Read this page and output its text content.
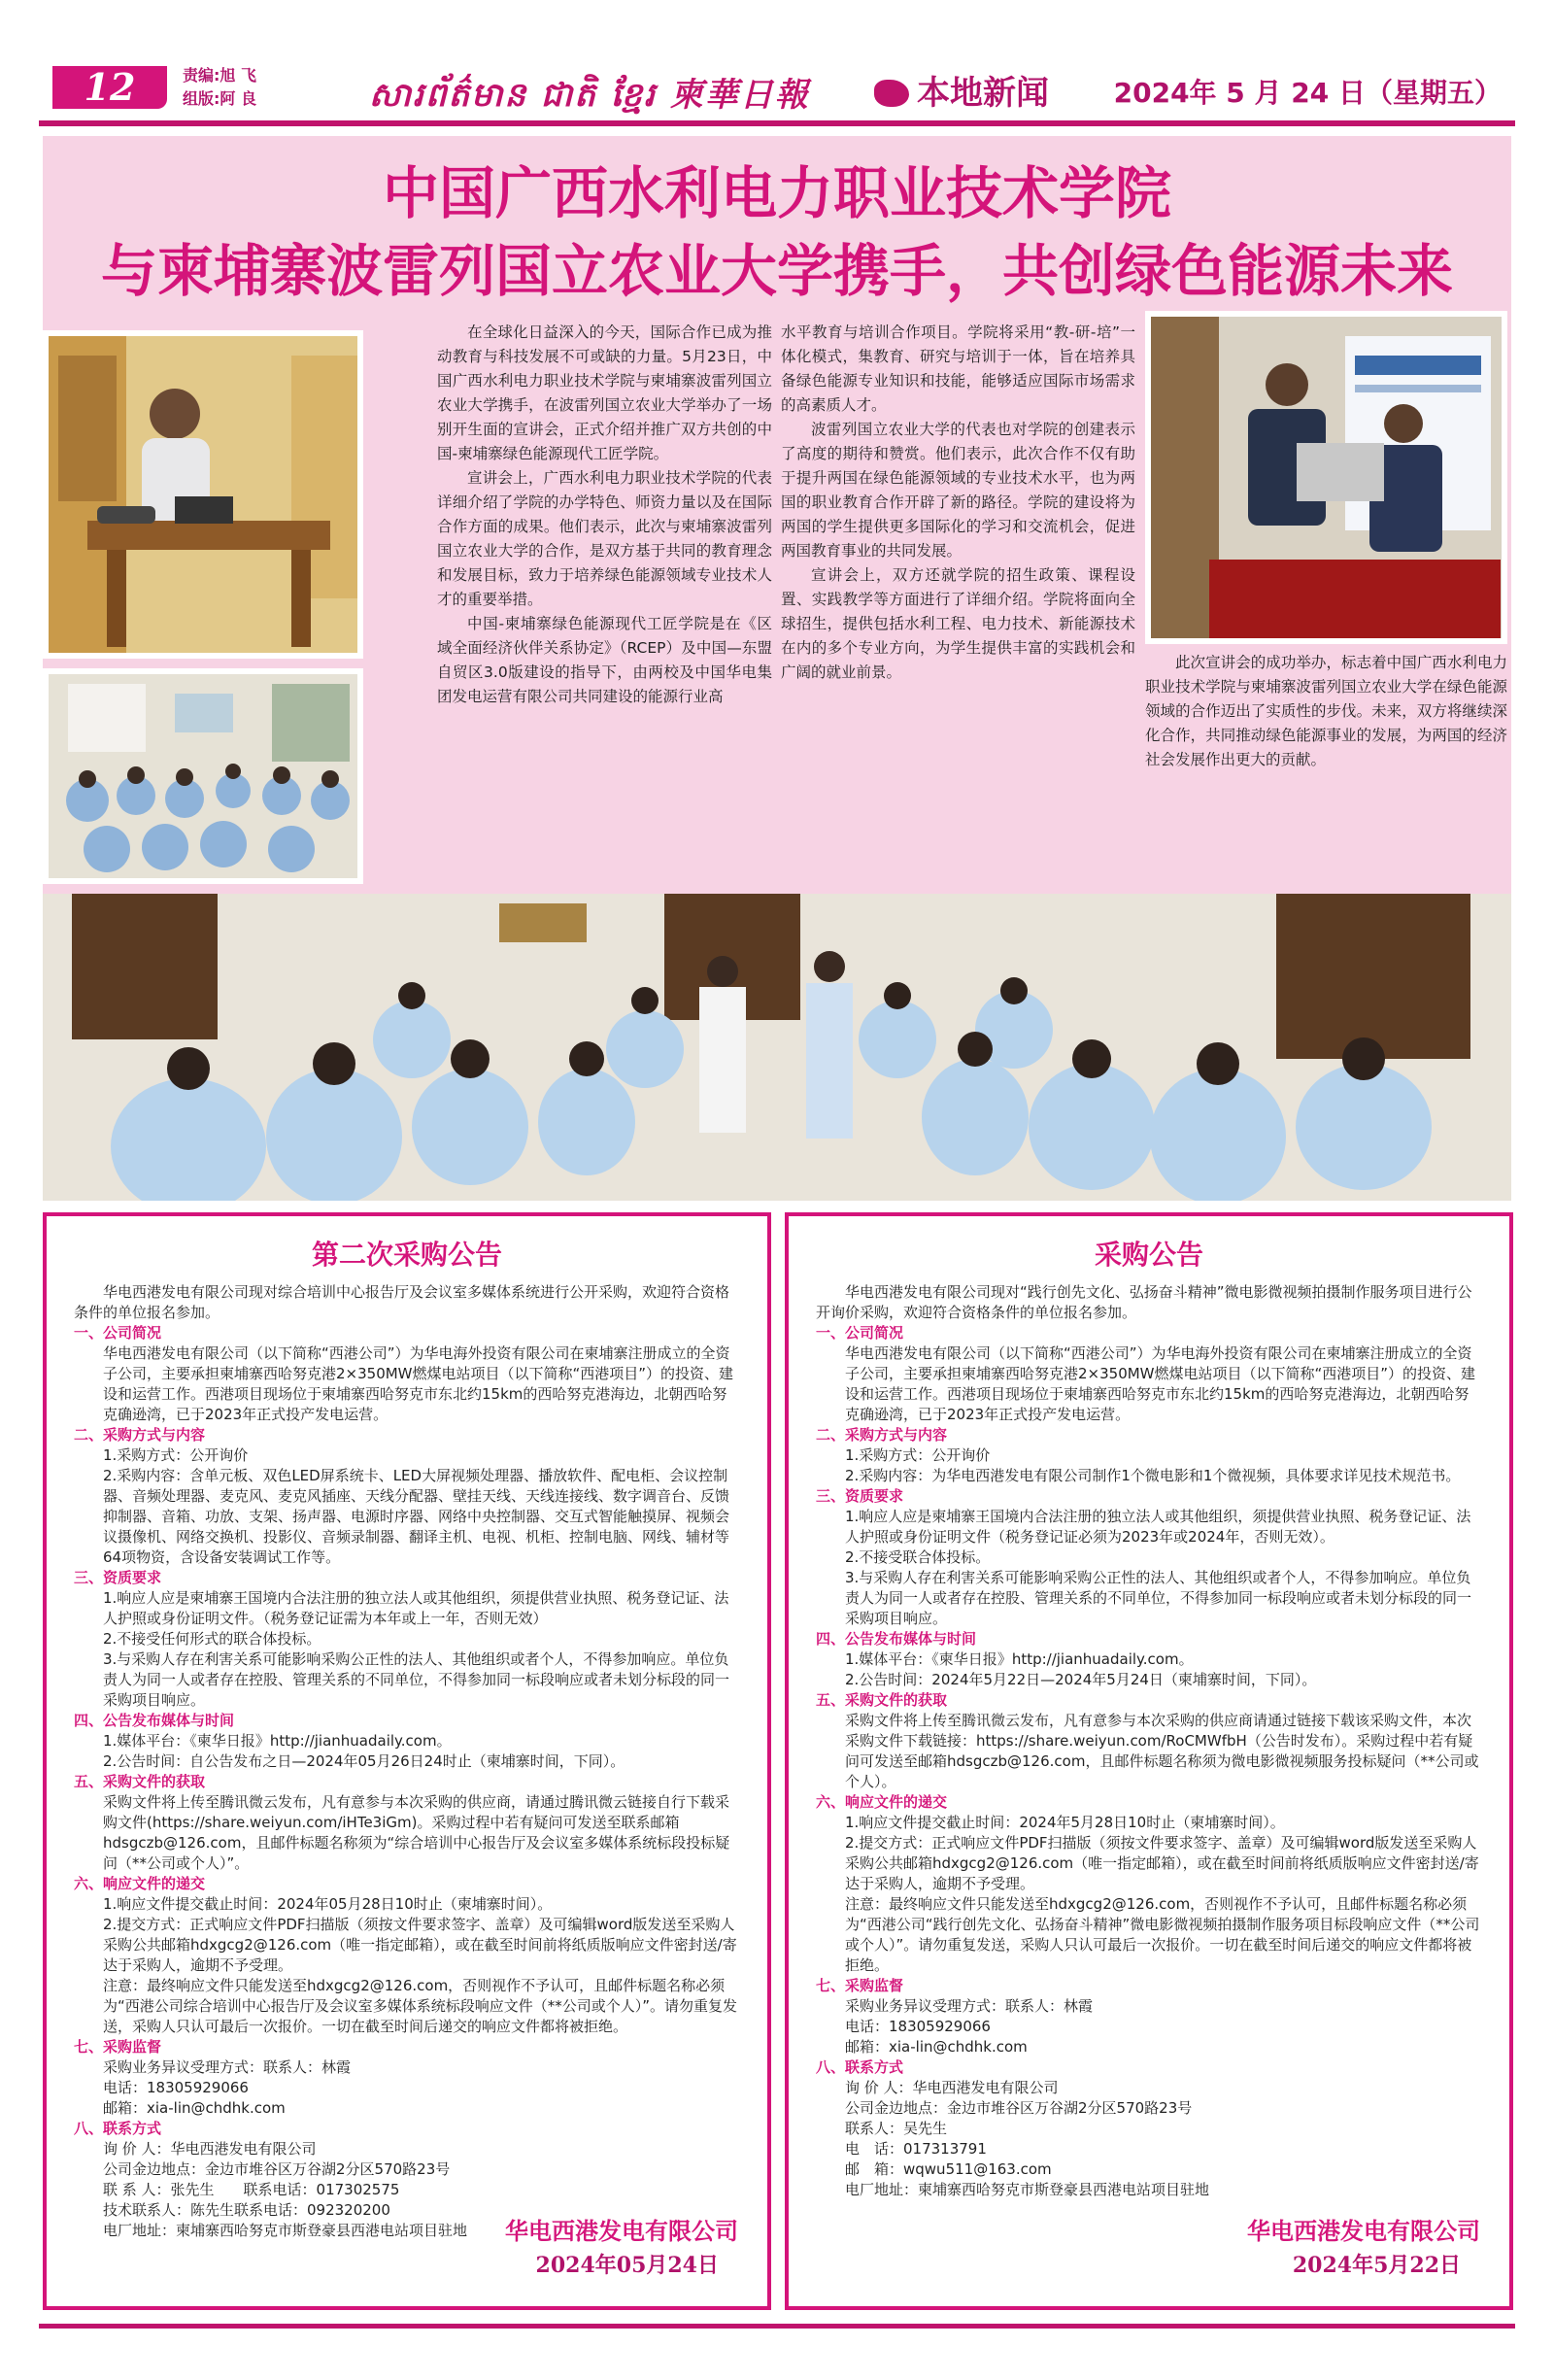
12	责编:旭 飞
组版:阿 良	សារព័ត៌មាន ជាតិ ខ្មែរ 柬華日報	本地新闻 2024年 5 月 24 日（星期五）
中国广西水利电力职业技术学院
与柬埔寨波雷列国立农业大学携手，共创绿色能源未来

在全球化日益深入的今天，国际合作已成为推动教育与科技发展不可或缺的力量。5月23日，中国广西水利电力职业技术学院与柬埔寨波雷列国立农业大学携手，在波雷列国立农业大学举办了一场别开生面的宣讲会，正式介绍并推广双方共创的中国-柬埔寨绿色能源现代工匠学院。

宣讲会上，广西水利电力职业技术学院的代表详细介绍了学院的办学特色、师资力量以及在国际合作方面的成果。他们表示，此次与柬埔寨波雷列国立农业大学的合作，是双方基于共同的教育理念和发展目标，致力于培养绿色能源领域专业技术人才的重要举措。

中国-柬埔寨绿色能源现代工匠学院是在《区域全面经济伙伴关系协定》（RCEP）及中国—东盟自贸区3.0版建设的指导下，由两校及中国华电集团发电运营有限公司共同建设的能源行业高

水平教育与培训合作项目。学院将采用“教-研-培”一体化模式，集教育、研究与培训于一体，旨在培养具备绿色能源专业知识和技能，能够适应国际市场需求的高素质人才。

波雷列国立农业大学的代表也对学院的创建表示了高度的期待和赞赏。他们表示，此次合作不仅有助于提升两国在绿色能源领域的专业技术水平，也为两国的职业教育合作开辟了新的路径。学院的建设将为两国的学生提供更多国际化的学习和交流机会，促进两国教育事业的共同发展。

宣讲会上，双方还就学院的招生政策、课程设置、实践教学等方面进行了详细介绍。学院将面向全球招生，提供包括水利工程、电力技术、新能源技术在内的多个专业方向，为学生提供丰富的实践机会和广阔的就业前景。

此次宣讲会的成功举办，标志着中国广西水利电力职业技术学院与柬埔寨波雷列国立农业大学在绿色能源领域的合作迈出了实质性的步伐。未来，双方将继续深化合作，共同推动绿色能源事业的发展，为两国的经济社会发展作出更大的贡献。

第二次采购公告

华电西港发电有限公司现对综合培训中心报告厅及会议室多媒体系统进行公开采购，欢迎符合资格条件的单位报名参加。

一、公司简况
华电西港发电有限公司（以下简称“西港公司”）为华电海外投资有限公司在柬埔寨注册成立的全资子公司，主要承担柬埔寨西哈努克港2×350MW燃煤电站项目（以下简称“西港项目”）的投资、建设和运营工作。西港项目现场位于柬埔寨西哈努克市东北约15km的西哈努克港海边，北朝西哈努克确逊湾，已于2023年正式投产发电运营。
二、采购方式与内容
1.采购方式：公开询价
2.采购内容：含单元板、双色LED屏系统卡、LED大屏视频处理器、播放软件、配电柜、会议控制器、音频处理器、麦克风、麦克风插座、天线分配器、壁挂天线、天线连接线、数字调音台、反馈抑制器、音箱、功放、支架、扬声器、电源时序器、网络中央控制器、交互式智能触摸屏、视频会议摄像机、网络交换机、投影仪、音频录制器、翻译主机、电视、机柜、控制电脑、网线、辅材等64项物资，含设备安装调试工作等。
三、资质要求
1.响应人应是柬埔寨王国境内合法注册的独立法人或其他组织，须提供营业执照、税务登记证、法人护照或身份证明文件。（税务登记证需为本年或上一年，否则无效）
2.不接受任何形式的联合体投标。
3.与采购人存在利害关系可能影响采购公正性的法人、其他组织或者个人，不得参加响应。单位负责人为同一人或者存在控股、管理关系的不同单位，不得参加同一标段响应或者未划分标段的同一采购项目响应。
四、公告发布媒体与时间
1.媒体平台：《柬华日报》http://jianhuadaily.com。
2.公告时间：自公告发布之日—2024年05月26日24时止（柬埔寨时间，下同）。
五、采购文件的获取
采购文件将上传至腾讯微云发布，凡有意参与本次采购的供应商，请通过腾讯微云链接自行下载采购文件(https://share.weiyun.com/iHTe3iGm)。采购过程中若有疑问可发送至联系邮箱hdsgczb@126.com，且邮件标题名称须为“综合培训中心报告厅及会议室多媒体系统标段投标疑问（**公司或个人）”。
六、响应文件的递交
1.响应文件提交截止时间：2024年05月28日10时止（柬埔寨时间）。
2.提交方式：正式响应文件PDF扫描版（须按文件要求签字、盖章）及可编辑word版发送至采购人采购公共邮箱hdxgcg2@126.com（唯一指定邮箱），或在截至时间前将纸质版响应文件密封送/寄达于采购人，逾期不予受理。
注意：最终响应文件只能发送至hdxgcg2@126.com，否则视作不予认可，且邮件标题名称必须为“西港公司综合培训中心报告厅及会议室多媒体系统标段响应文件（**公司或个人）”。请勿重复发送，采购人只认可最后一次报价。一切在截至时间后递交的响应文件都将被拒绝。
七、采购监督
采购业务异议受理方式：联系人：林霞
电话：18305929066
邮箱：xia-lin@chdhk.com
八、联系方式
询 价 人：华电西港发电有限公司
公司金边地点：金边市堆谷区万谷湖2分区570路23号
联 系 人：张先生　　联系电话：017302575
技术联系人：陈先生联系电话：092320200
电厂地址：柬埔寨西哈努克市斯登豪县西港电站项目驻地	华电西港发电有限公司
2024年05月24日
采购公告

华电西港发电有限公司现对“践行创先文化、弘扬奋斗精神”微电影微视频拍摄制作服务项目进行公开询价采购，欢迎符合资格条件的单位报名参加。

一、公司简况
华电西港发电有限公司（以下简称“西港公司”）为华电海外投资有限公司在柬埔寨注册成立的全资子公司，主要承担柬埔寨西哈努克港2×350MW燃煤电站项目（以下简称“西港项目”）的投资、建设和运营工作。西港项目现场位于柬埔寨西哈努克市东北约15km的西哈努克港海边，北朝西哈努克确逊湾，已于2023年正式投产发电运营。
二、采购方式与内容
1.采购方式：公开询价
2.采购内容：为华电西港发电有限公司制作1个微电影和1个微视频，具体要求详见技术规范书。
三、资质要求
1.响应人应是柬埔寨王国境内合法注册的独立法人或其他组织，须提供营业执照、税务登记证、法人护照或身份证明文件（税务登记证必须为2023年或2024年，否则无效）。
2.不接受联合体投标。
3.与采购人存在利害关系可能影响采购公正性的法人、其他组织或者个人，不得参加响应。单位负责人为同一人或者存在控股、管理关系的不同单位，不得参加同一标段响应或者未划分标段的同一采购项目响应。
四、公告发布媒体与时间
1.媒体平台：《柬华日报》http://jianhuadaily.com。
2.公告时间：2024年5月22日—2024年5月24日（柬埔寨时间，下同）。
五、采购文件的获取
采购文件将上传至腾讯微云发布，凡有意参与本次采购的供应商请通过链接下载该采购文件，本次采购文件下载链接：https://share.weiyun.com/RoCMWfbH（公告时发布）。采购过程中若有疑问可发送至邮箱hdsgczb@126.com，且邮件标题名称须为微电影微视频服务投标疑问（**公司或个人）。
六、响应文件的递交
1.响应文件提交截止时间：2024年5月28日10时止（柬埔寨时间）。
2.提交方式：正式响应文件PDF扫描版（须按文件要求签字、盖章）及可编辑word版发送至采购人采购公共邮箱hdxgcg2@126.com（唯一指定邮箱），或在截至时间前将纸质版响应文件密封送/寄达于采购人，逾期不予受理。
注意：最终响应文件只能发送至hdxgcg2@126.com，否则视作不予认可，且邮件标题名称必须为“西港公司“践行创先文化、弘扬奋斗精神”微电影微视频拍摄制作服务项目标段响应文件（**公司或个人）”。请勿重复发送，采购人只认可最后一次报价。一切在截至时间后递交的响应文件都将被拒绝。
七、采购监督
采购业务异议受理方式：联系人：林霞
电话：18305929066
邮箱：xia-lin@chdhk.com
八、联系方式
询 价 人：华电西港发电有限公司
公司金边地点：金边市堆谷区万谷湖2分区570路23号
联系人：吴先生
电　话：017313791
邮　箱：wqwu511@163.com
电厂地址：柬埔寨西哈努克市斯登豪县西港电站项目驻地
华电西港发电有限公司
2024年5月22日
